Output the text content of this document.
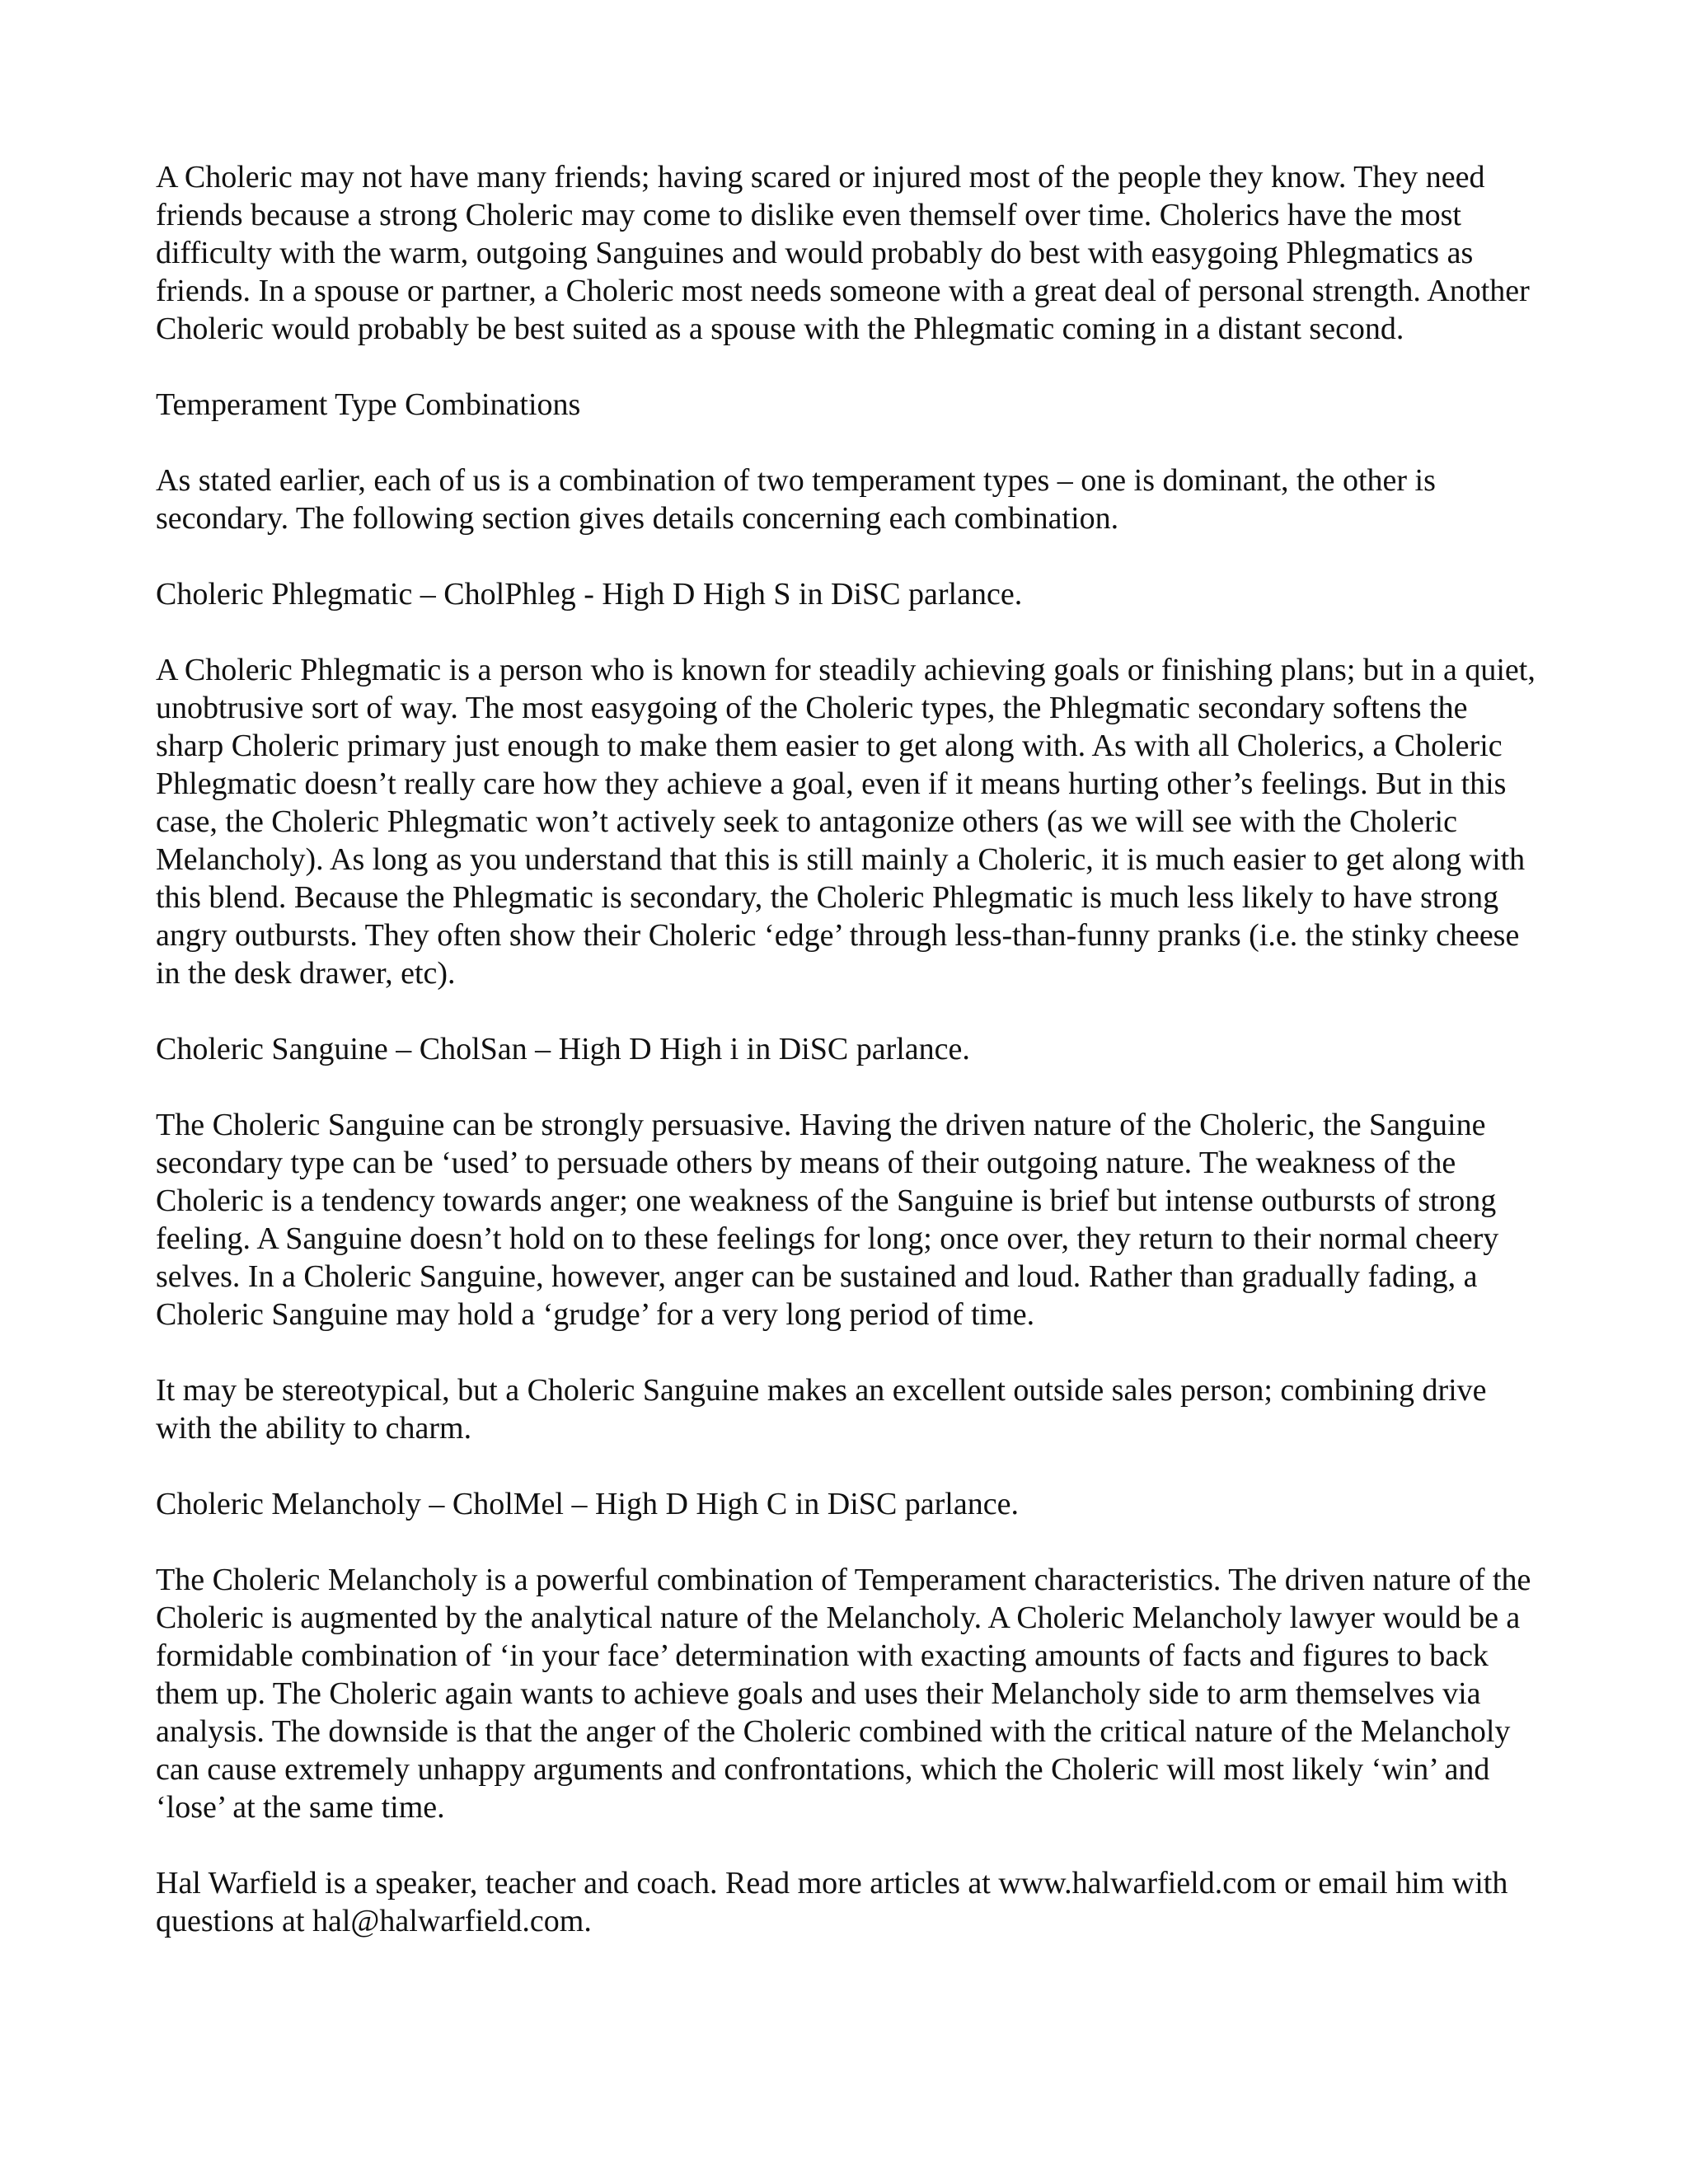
A Choleric may not have many friends; having scared or injured most of the people they know. They need friends because a strong Choleric may come to dislike even themself over time. Cholerics have the most difficulty with the warm, outgoing Sanguines and would probably do best with easygoing Phlegmatics as friends. In a spouse or partner, a Choleric most needs someone with a great deal of personal strength. Another Choleric would probably be best suited as a spouse with the Phlegmatic coming in a distant second.

Temperament Type Combinations

As stated earlier, each of us is a combination of two temperament types – one is dominant, the other is secondary. The following section gives details concerning each combination.

Choleric Phlegmatic – CholPhleg - High D High S in DiSC parlance.

A Choleric Phlegmatic is a person who is known for steadily achieving goals or finishing plans; but in a quiet, unobtrusive sort of way. The most easygoing of the Choleric types, the Phlegmatic secondary softens the sharp Choleric primary just enough to make them easier to get along with. As with all Cholerics, a Choleric Phlegmatic doesn’t really care how they achieve a goal, even if it means hurting other’s feelings. But in this case, the Choleric Phlegmatic won’t actively seek to antagonize others (as we will see with the Choleric Melancholy). As long as you understand that this is still mainly a Choleric, it is much easier to get along with this blend. Because the Phlegmatic is secondary, the Choleric Phlegmatic is much less likely to have strong angry outbursts. They often show their Choleric ‘edge’ through less-than-funny pranks (i.e. the stinky cheese in the desk drawer, etc).

Choleric Sanguine – CholSan – High D High i in DiSC parlance.

The Choleric Sanguine can be strongly persuasive. Having the driven nature of the Choleric, the Sanguine secondary type can be ‘used’ to persuade others by means of their outgoing nature. The weakness of the Choleric is a tendency towards anger; one weakness of the Sanguine is brief but intense outbursts of strong feeling. A Sanguine doesn’t hold on to these feelings for long; once over, they return to their normal cheery selves. In a Choleric Sanguine, however, anger can be sustained and loud. Rather than gradually fading, a Choleric Sanguine may hold a ‘grudge’ for a very long period of time.

It may be stereotypical, but a Choleric Sanguine makes an excellent outside sales person; combining drive with the ability to charm.

Choleric Melancholy – CholMel – High D High C in DiSC parlance.

The Choleric Melancholy is a powerful combination of Temperament characteristics. The driven nature of the Choleric is augmented by the analytical nature of the Melancholy. A Choleric Melancholy lawyer would be a formidable combination of ‘in your face’ determination with exacting amounts of facts and figures to back them up. The Choleric again wants to achieve goals and uses their Melancholy side to arm themselves via analysis. The downside is that the anger of the Choleric combined with the critical nature of the Melancholy can cause extremely unhappy arguments and confrontations, which the Choleric will most likely ‘win’ and ‘lose’ at the same time.

Hal Warfield is a speaker, teacher and coach. Read more articles at www.halwarfield.com or email him with questions at hal@halwarfield.com.
